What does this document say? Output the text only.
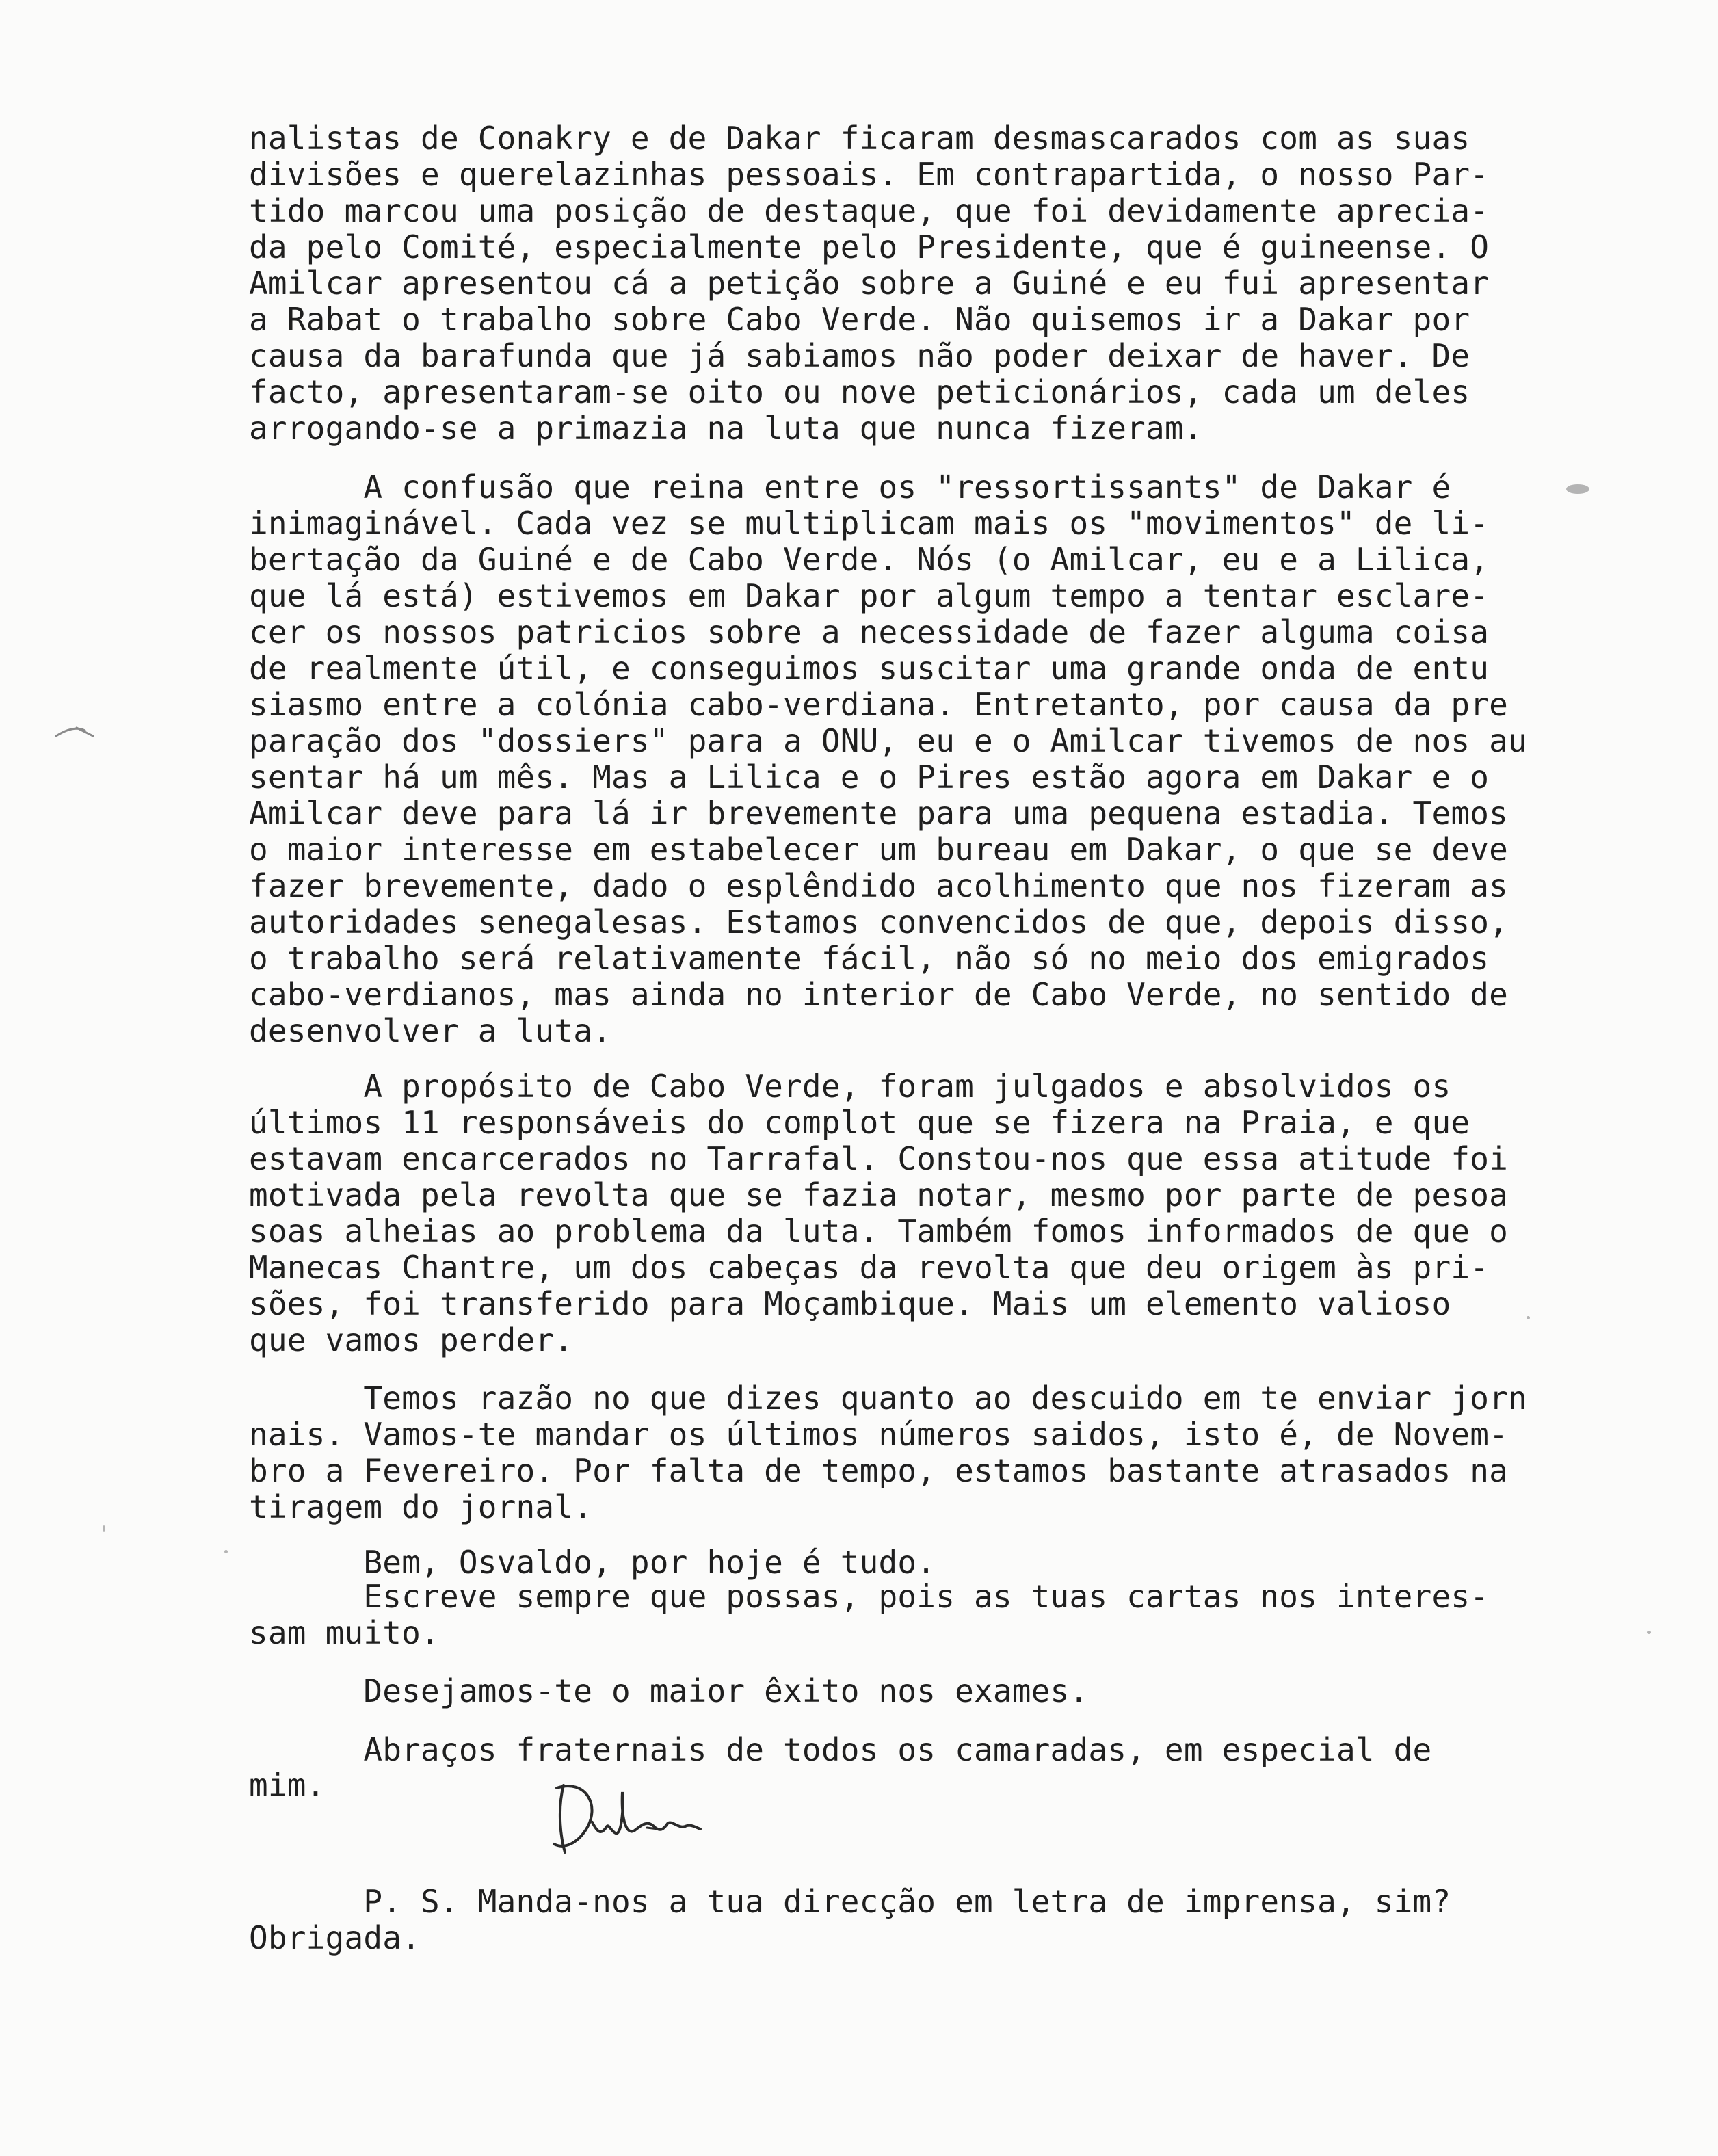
nalistas de Conakry e de Dakar ficaram desmascarados com as suas
divisões e querelazinhas pessoais. Em contrapartida, o nosso Par-
tido marcou uma posição de destaque, que foi devidamente aprecia-
da pelo Comité, especialmente pelo Presidente, que é guineense. O
Amilcar apresentou cá a petição sobre a Guiné e eu fui apresentar
a Rabat o trabalho sobre Cabo Verde. Não quisemos ir a Dakar por
causa da barafunda que já sabiamos não poder deixar de haver. De
facto, apresentaram-se oito ou nove peticionários, cada um deles
arrogando-se a primazia na luta que nunca fizeram.

A confusão que reina entre os "ressortissants" de Dakar é
inimaginável. Cada vez se multiplicam mais os "movimentos" de li-
bertação da Guiné e de Cabo Verde. Nós (o Amilcar, eu e a Lilica,
que lá está) estivemos em Dakar por algum tempo a tentar esclare-
cer os nossos patricios sobre a necessidade de fazer alguma coisa
de realmente útil, e conseguimos suscitar uma grande onda de entu
siasmo entre a colónia cabo-verdiana. Entretanto, por causa da pre
paração dos "dossiers" para a ONU, eu e o Amilcar tivemos de nos au
sentar há um mês. Mas a Lilica e o Pires estão agora em Dakar e o
Amilcar deve para lá ir brevemente para uma pequena estadia. Temos
o maior interesse em estabelecer um bureau em Dakar, o que se deve
fazer brevemente, dado o esplêndido acolhimento que nos fizeram as
autoridades senegalesas. Estamos convencidos de que, depois disso,
o trabalho será relativamente fácil, não só no meio dos emigrados
cabo-verdianos, mas ainda no interior de Cabo Verde, no sentido de
desenvolver a luta.

A propósito de Cabo Verde, foram julgados e absolvidos os
últimos 11 responsáveis do complot que se fizera na Praia, e que
estavam encarcerados no Tarrafal. Constou-nos que essa atitude foi
motivada pela revolta que se fazia notar, mesmo por parte de pesoa
soas alheias ao problema da luta. Também fomos informados de que o
Manecas Chantre, um dos cabeças da revolta que deu origem às pri-
sões, foi transferido para Moçambique. Mais um elemento valioso
que vamos perder.

Temos razão no que dizes quanto ao descuido em te enviar jorn
nais. Vamos-te mandar os últimos números saidos, isto é, de Novem-
bro a Fevereiro. Por falta de tempo, estamos bastante atrasados na
tiragem do jornal.

Bem, Osvaldo, por hoje é tudo.

Escreve sempre que possas, pois as tuas cartas nos interes-
sam muito.

Desejamos-te o maior êxito nos exames.

Abraços fraternais de todos os camaradas, em especial de

mim.

P. S. Manda-nos a tua direcção em letra de imprensa, sim?
Obrigada.
